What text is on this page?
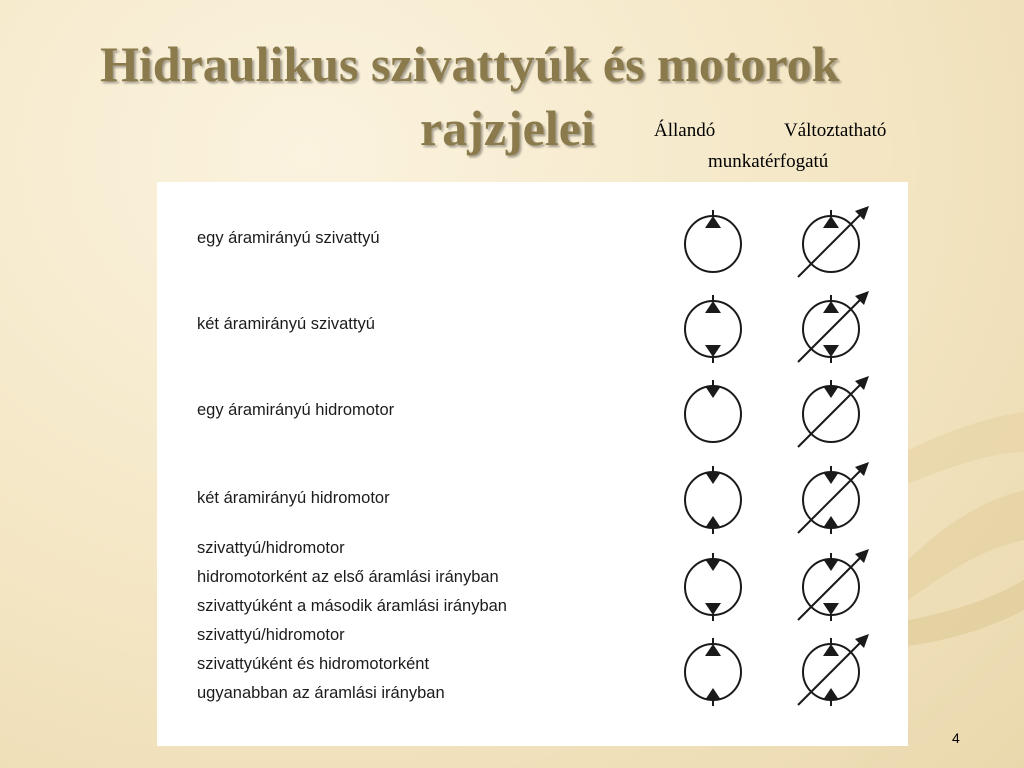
Hidraulikus szivattyúk és motorok
rajzjelei	Állandó	Változtatható
munkatérfogatú

egy áramirányú szivattyú

két áramirányú szivattyú

egy áramirányú hidromotor

két áramirányú hidromotor

szivattyú/hidromotor

hidromotorként az első áramlási irányban

szivattyúként a második áramlási irányban

szivattyú/hidromotor

szivattyúként és hidromotorként

ugyanabban az áramlási irányban

4
